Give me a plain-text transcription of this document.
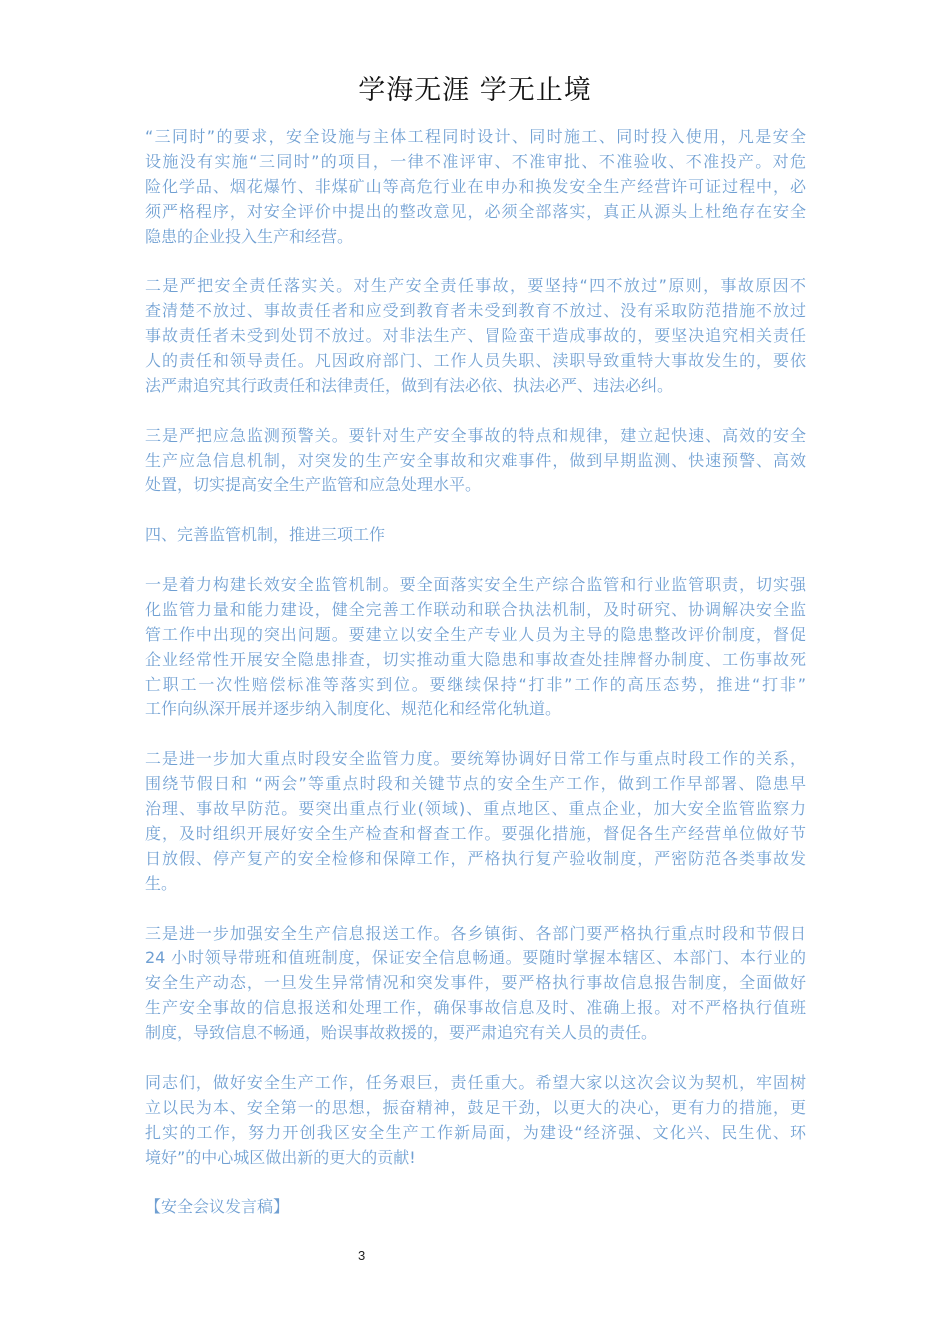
学海无涯 学无止境
“三同时”的要求，安全设施与主体工程同时设计、同时施工、同时投入使用，凡是安全
设施没有实施“三同时”的项目，一律不准评审、不准审批、不准验收、不准投产。对危
险化学品、烟花爆竹、非煤矿山等高危行业在申办和换发安全生产经营许可证过程中，必
须严格程序，对安全评价中提出的整改意见，必须全部落实，真正从源头上杜绝存在安全
隐患的企业投入生产和经营。
二是严把安全责任落实关。对生产安全责任事故，要坚持“四不放过”原则，事故原因不
查清楚不放过、事故责任者和应受到教育者未受到教育不放过、没有采取防范措施不放过
事故责任者未受到处罚不放过。对非法生产、冒险蛮干造成事故的，要坚决追究相关责任
人的责任和领导责任。凡因政府部门、工作人员失职、渎职导致重特大事故发生的，要依
法严肃追究其行政责任和法律责任，做到有法必依、执法必严、违法必纠。
三是严把应急监测预警关。要针对生产安全事故的特点和规律，建立起快速、高效的安全
生产应急信息机制，对突发的生产安全事故和灾难事件，做到早期监测、快速预警、高效
处置，切实提高安全生产监管和应急处理水平。
四、完善监管机制，推进三项工作
一是着力构建长效安全监管机制。要全面落实安全生产综合监管和行业监管职责，切实强
化监管力量和能力建设，健全完善工作联动和联合执法机制，及时研究、协调解决安全监
管工作中出现的突出问题。要建立以安全生产专业人员为主导的隐患整改评价制度，督促
企业经常性开展安全隐患排查，切实推动重大隐患和事故查处挂牌督办制度、工伤事故死
亡职工一次性赔偿标准等落实到位。要继续保持“打非”工作的高压态势，推进“打非”
工作向纵深开展并逐步纳入制度化、规范化和经常化轨道。
二是进一步加大重点时段安全监管力度。要统筹协调好日常工作与重点时段工作的关系，
围绕节假日和 “两会”等重点时段和关键节点的安全生产工作，做到工作早部署、隐患早
治理、事故早防范。要突出重点行业(领域)、重点地区、重点企业，加大安全监管监察力
度，及时组织开展好安全生产检查和督查工作。要强化措施，督促各生产经营单位做好节
日放假、停产复产的安全检修和保障工作，严格执行复产验收制度，严密防范各类事故发
生。
三是进一步加强安全生产信息报送工作。各乡镇街、各部门要严格执行重点时段和节假日
24 小时领导带班和值班制度，保证安全信息畅通。要随时掌握本辖区、本部门、本行业的
安全生产动态，一旦发生异常情况和突发事件，要严格执行事故信息报告制度，全面做好
生产安全事故的信息报送和处理工作，确保事故信息及时、准确上报。对不严格执行值班
制度，导致信息不畅通，贻误事故救援的，要严肃追究有关人员的责任。
同志们，做好安全生产工作，任务艰巨，责任重大。希望大家以这次会议为契机，牢固树
立以民为本、安全第一的思想，振奋精神，鼓足干劲，以更大的决心，更有力的措施，更
扎实的工作，努力开创我区安全生产工作新局面，为建设“经济强、文化兴、民生优、环
境好”的中心城区做出新的更大的贡献!
【安全会议发言稿】
3
